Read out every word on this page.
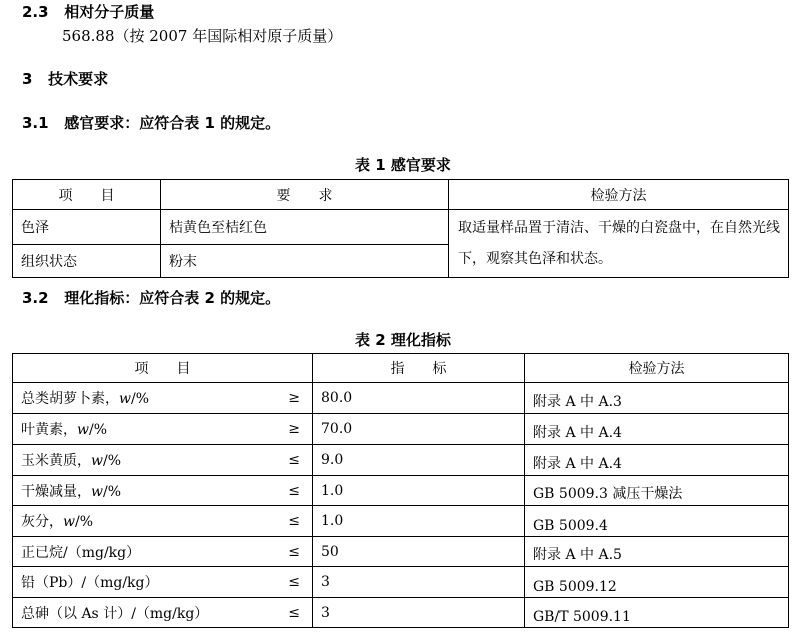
2.3 相对分子质量
568.88（按 2007 年国际相对原子质量）
3 技术要求
3.1 感官要求：应符合表 1 的规定。
表 1 感官要求
项　　目	要　　求	检验方法
色泽	桔黄色至桔红色	取适量样品置于清洁、干燥的白瓷盘中，在自然光线下，观察其色泽和状态。
组织状态	粉末	
3.2 理化指标：应符合表 2 的规定。
表 2 理化指标
项　　目		指　　标	检验方法
总类胡萝卜素，w/%	≥	80.0	附录 A 中 A.3
叶黄素，w/%	≥	70.0	附录 A 中 A.4
玉米黄质，w/%	≤	9.0	附录 A 中 A.4
干燥减量，w/%	≤	1.0	GB 5009.3 减压干燥法
灰分，w/%	≤	1.0	GB 5009.4
正已烷/（mg/kg）	≤	50	附录 A 中 A.5
铅（Pb）/（mg/kg）	≤	3	GB 5009.12
总砷（以 As 计）/（mg/kg）	≤	3	GB/T 5009.11
